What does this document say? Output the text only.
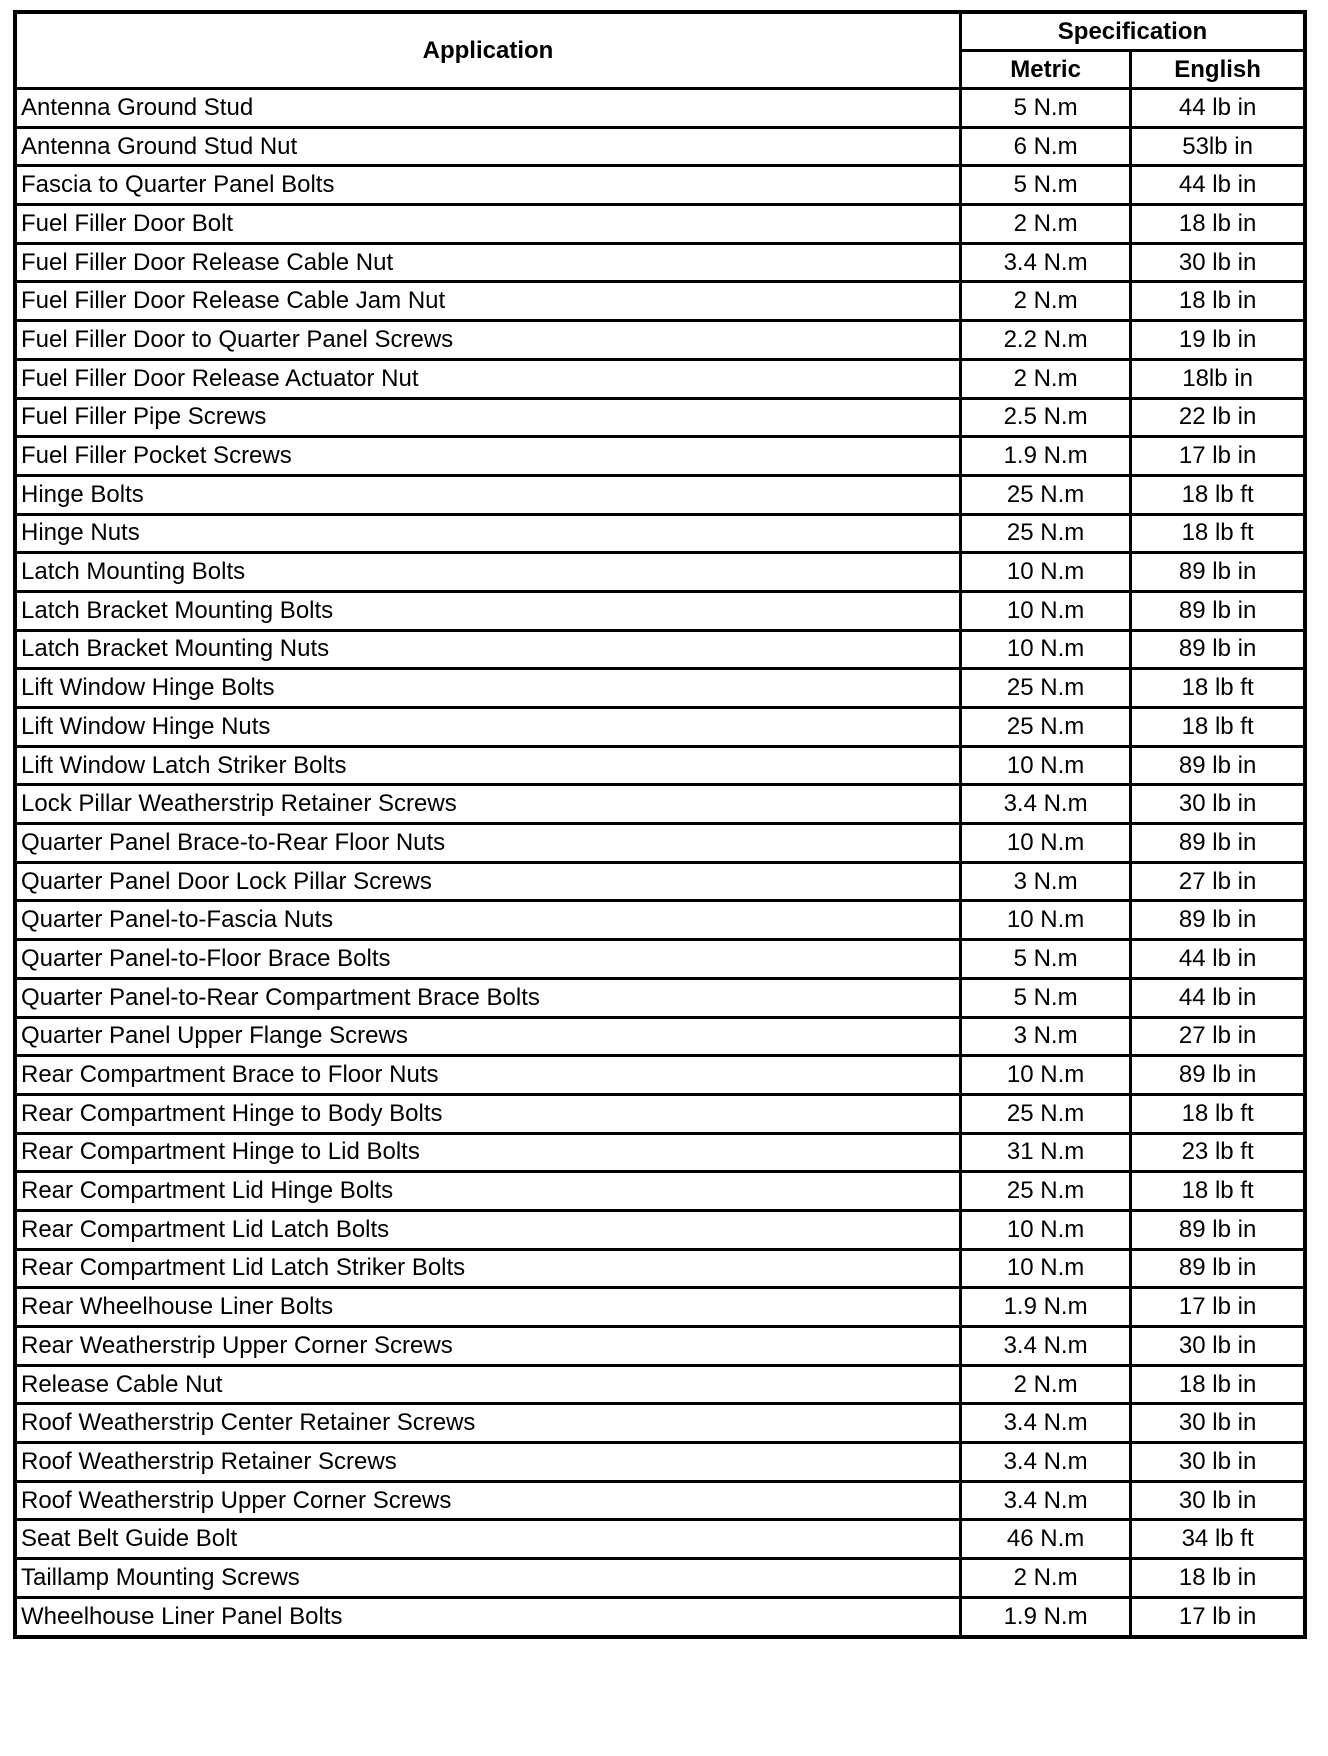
Application	Specification	
	Metric	English
Antenna Ground Stud	5 N.m	44 lb in
Antenna Ground Stud Nut	6 N.m	53lb in
Fascia to Quarter Panel Bolts	5 N.m	44 lb in
Fuel Filler Door Bolt	2 N.m	18 lb in
Fuel Filler Door Release Cable Nut	3.4 N.m	30 lb in
Fuel Filler Door Release Cable Jam Nut	2 N.m	18 lb in
Fuel Filler Door to Quarter Panel Screws	2.2 N.m	19 lb in
Fuel Filler Door Release Actuator Nut	2 N.m	18lb in
Fuel Filler Pipe Screws	2.5 N.m	22 lb in
Fuel Filler Pocket Screws	1.9 N.m	17 lb in
Hinge Bolts	25 N.m	18 lb ft
Hinge Nuts	25 N.m	18 lb ft
Latch Mounting Bolts	10 N.m	89 lb in
Latch Bracket Mounting Bolts	10 N.m	89 lb in
Latch Bracket Mounting Nuts	10 N.m	89 lb in
Lift Window Hinge Bolts	25 N.m	18 lb ft
Lift Window Hinge Nuts	25 N.m	18 lb ft
Lift Window Latch Striker Bolts	10 N.m	89 lb in
Lock Pillar Weatherstrip Retainer Screws	3.4 N.m	30 lb in
Quarter Panel Brace-to-Rear Floor Nuts	10 N.m	89 lb in
Quarter Panel Door Lock Pillar Screws	3 N.m	27 lb in
Quarter Panel-to-Fascia Nuts	10 N.m	89 lb in
Quarter Panel-to-Floor Brace Bolts	5 N.m	44 lb in
Quarter Panel-to-Rear Compartment Brace Bolts	5 N.m	44 lb in
Quarter Panel Upper Flange Screws	3 N.m	27 lb in
Rear Compartment Brace to Floor Nuts	10 N.m	89 lb in
Rear Compartment Hinge to Body Bolts	25 N.m	18 lb ft
Rear Compartment Hinge to Lid Bolts	31 N.m	23 lb ft
Rear Compartment Lid Hinge Bolts	25 N.m	18 lb ft
Rear Compartment Lid Latch Bolts	10 N.m	89 lb in
Rear Compartment Lid Latch Striker Bolts	10 N.m	89 lb in
Rear Wheelhouse Liner Bolts	1.9 N.m	17 lb in
Rear Weatherstrip Upper Corner Screws	3.4 N.m	30 lb in
Release Cable Nut	2 N.m	18 lb in
Roof Weatherstrip Center Retainer Screws	3.4 N.m	30 lb in
Roof Weatherstrip Retainer Screws	3.4 N.m	30 lb in
Roof Weatherstrip Upper Corner Screws	3.4 N.m	30 lb in
Seat Belt Guide Bolt	46 N.m	34 lb ft
Taillamp Mounting Screws	2 N.m	18 lb in
Wheelhouse Liner Panel Bolts	1.9 N.m	17 lb in
